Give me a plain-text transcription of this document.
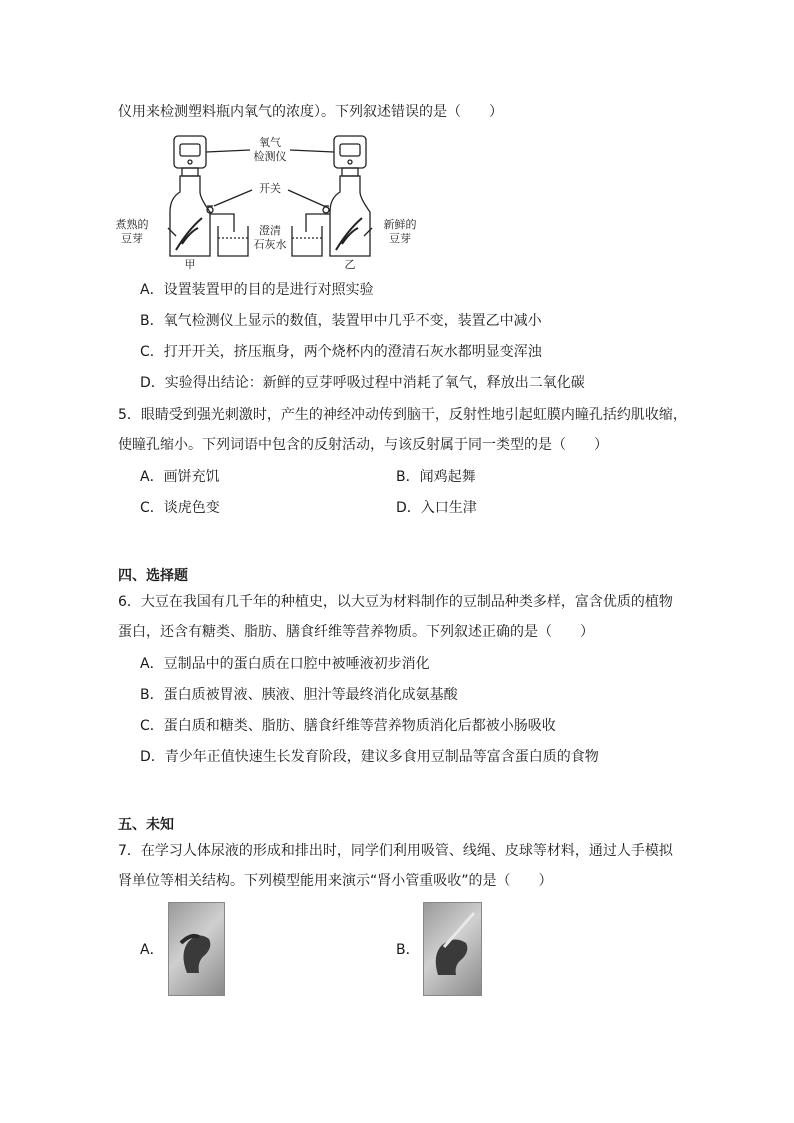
仪用来检测塑料瓶内氧气的浓度）。下列叙述错误的是（　　）
氧气
检测仪
开关
澄清
石灰水
煮熟的
豆芽
新鲜的
豆芽
甲	乙
A．设置装置甲的目的是进行对照实验
B．氧气检测仪上显示的数值，装置甲中几乎不变，装置乙中减小
C．打开开关，挤压瓶身，两个烧杯内的澄清石灰水都明显变浑浊
D．实验得出结论：新鲜的豆芽呼吸过程中消耗了氧气，释放出二氧化碳
5．眼睛受到强光刺激时，产生的神经冲动传到脑干，反射性地引起虹膜内瞳孔括约肌收缩，
使瞳孔缩小。下列词语中包含的反射活动，与该反射属于同一类型的是（　　）
A．画饼充饥	B．闻鸡起舞
C．谈虎色变	D．入口生津
四、选择题
6．大豆在我国有几千年的种植史，以大豆为材料制作的豆制品种类多样，富含优质的植物
蛋白，还含有糖类、脂肪、膳食纤维等营养物质。下列叙述正确的是（　　）
A．豆制品中的蛋白质在口腔中被唾液初步消化
B．蛋白质被胃液、胰液、胆汁等最终消化成氨基酸
C．蛋白质和糖类、脂肪、膳食纤维等营养物质消化后都被小肠吸收
D．青少年正值快速生长发育阶段，建议多食用豆制品等富含蛋白质的食物
五、未知
7．在学习人体尿液的形成和排出时，同学们利用吸管、线绳、皮球等材料，通过人手模拟
肾单位等相关结构。下列模型能用来演示“肾小管重吸收”的是（　　）
A．	B．
